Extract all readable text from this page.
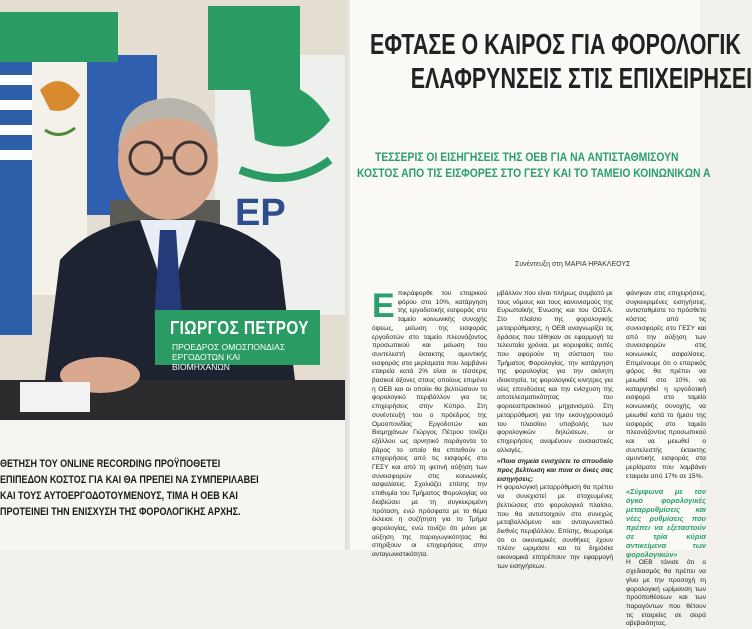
EP
ΓΙΩΡΓΟΣ ΠΕΤΡΟΥ
ΠΡΟΕΔΡΟΣ ΟΜΟΣΠΟΝΔΙΑΣ ΕΡΓΟΔΟΤΩΝ ΚΑΙ ΒΙΟΜΗΧΑΝΩΝ
ΘΕΤΗΣΗ ΤΟΥ ONLINE RECORDING ΠΡΟΫΠΟΘΕΤΕΙ ΕΠΙΠΕΔΟΝ ΚΟΣΤΟΣ ΓΙΑ ΚΑΙ ΘΑ ΠΡΕΠΕΙ ΝΑ ΣΥΜΠΕΡΙΛΑΒΕΙ ΚΑΙ ΤΟΥΣ ΑΥΤΟΕΡΓΟΔΟΤΟΥΜΕΝΟΥΣ, ΤΙΜΑ Η ΟΕΒ ΚΑΙ ΠΡΟΤΕΙΝΕΙ ΤΗΝ ΕΝΙΣΧΥΣΗ ΤΗΣ ΦΟΡΟΛΟΓΙΚΗΣ ΑΡΧΗΣ.
ΕΦΤΑΣΕ Ο ΚΑΙΡΟΣ ΓΙΑ ΦΟΡΟΛΟΓΙΚ
ΕΛΑΦΡΥΝΣΕΙΣ ΣΤΙΣ ΕΠΙΧΕΙΡΗΣΕΙ
ΤΕΣΣΕΡΙΣ ΟΙ ΕΙΣΗΓΗΣΕΙΣ ΤΗΣ ΟΕΒ ΓΙΑ ΝΑ ΑΝΤΙΣΤΑΘΜΙΣΟΥΝ
ΚΟΣΤΟΣ ΑΠΟ ΤΙΣ ΕΙΣΦΟΡΕΣ ΣΤΟ ΓΕΣΥ ΚΑΙ ΤΟ ΤΑΜΕΙΟ ΚΟΙΝΩΝΙΚΩΝ Α
Συνέντευξη στη ΜΑΡΙΑ ΗΡΑΚΛΕΟΥΣ
Ε πικράφορθε του επαρικού φόρου στο 10%, κατάργηση της εργοδοτικής εισφοράς στο ταμείο κοινωνικής συνοχής όψεως, μείωση της εισφοράς εργοδοτών στο ταμείο πλεονάζοντος προσωπικού και μείωση του συντελεστή έκτακτης αμυντικής εισφοράς στα μερίσματα που λαμβάνει εταιρεία κατά 2% είναι οι τέσσερις βασικοί άξονες στους οποίους επιμένει η ΟΕΒ και οι οποίοι θα βελτιώσουν το φορολογικό περιβάλλον για τις επιχειρήσεις στην Κύπρο. Στη συνέντευξή του ο πρόεδρος της Ομοσπονδίας Εργοδοτών και Βιομηχάνων Γιώργος Πέτρου τονίζει εξάλλου ως αρνητικό παράγοντα το βάρος το οποίο θα επιτεθούν οι επιχειρήσεις από τις εισφορές στο ΓΕΣΥ και από τη φετινή αύξηση των συνεισφορών στις κοινωνικές ασφαλίσεις. Σχολιάζει επίσης την επιθυμία του Τμήματος Φορολογίας να διαβιώσει με τη συγκεκριμένη πρόταση, ενώ πρόσφατα με το θέμα έκλεισε η συζήτηση για το Τμήμα φορολογίας, ενώ τονίζει ότι μόνο με αύξηση της παραγωγικότητας θα στηρίξουν οι επιχειρήσεις στην ανταγωνιστικότητα.
μβάλλον που είναι πλήρως συμβατό με τους νόμους και τους κανονισμούς της Ευρωπαϊκής Ένωσης και του ΟΟΣΑ. Στο πλαίσιο της φορολογικής μεταρρύθμισης, η ΟΕΒ αναγνωρίζει τις δράσεις που τέθηκαν σε εφαρμογή τα τελευταία χρόνια, με κορυφαίες αυτές που αφορούν τη σύσταση του Τμήματος Φορολογίας, την κατάργηση της φορολογίας για την ακίνητη ιδιοκτησία, τις φορολογικές κινητρες για νέες επενδύσεις και την ενίσχυση της αποτελεσματικότητας του φοροεισπρακτικού μηχανισμού. Στη μεταρρύθμιση για την εκσυγχρονισμό του πλαισίου υποβολής των φορολογικών δηλώσεων, οι επιχειρήσεις αναμένουν ουσιαστικές αλλαγές.
«Ποια σημεία ενισχύετε το σπουδαίο προς βελτίωση και ποια οι δικές σας εισηγήσεις;
Η φορολογική μεταρρύθμιση θα πρέπει να συνεχιστεί με στοχευμένες βελτιώσεις στο φορολογικό πλαίσιο, που θα αντιστοιχούν στο συνεχώς μεταβαλλόμενο και ανταγωνιστικό διεθνές περιβάλλον. Επίσης, θεωρούμε ότι οι οικονομικές συνθήκες έχουν πλέον ωριμάσει και τα δημόσια οικονομικά επιτρέπουν την εφαρμογή των εισηγήσεων.
φάνηκαν στις επιχειρήσεις, συγκεκριμένες εισηγήσεις, αντισταθμίστε το πρόσθετο κόστος από τις συνεισφορές στο ΓΕΣΥ και από την αύξηση των συνεισφορών στις κοινωνικές ασφαλίσεις. Επιμένουμε ότι ο επαρικός φόρος θα πρέπει να μειωθεί στο 10%, να καταργηθεί η εργοδοτική εισφορά στο ταμείο κοινωνικής συνοχής, να μειωθεί κατά το ήμισυ της εισφοράς στο ταμείο πλεονάζοντος προσωπικού και να μειωθεί ο συντελεστής έκτακτης αμυντικής εισφοράς στα μερίσματα που λαμβάνει εταιρεία από 17% σε 15%.
«Σύμφωνα με τον όγκο φορολογικές μεταρρυθμίσεις και νέες ρυθμίσεις που πρέπει να εξεταστούν σε τρία κύρια αντικείμενα των φορολογικών»
Η ΟΕΒ τόνισε ότι ο σχεδιασμός θα πρέπει να γίνει με την προσοχή τη φορολογική ωρίμανση των προϋποθέσεων και των παραγόντων που θέτουν τις εταιρείες σε σειρά αβεβαιότητας.
